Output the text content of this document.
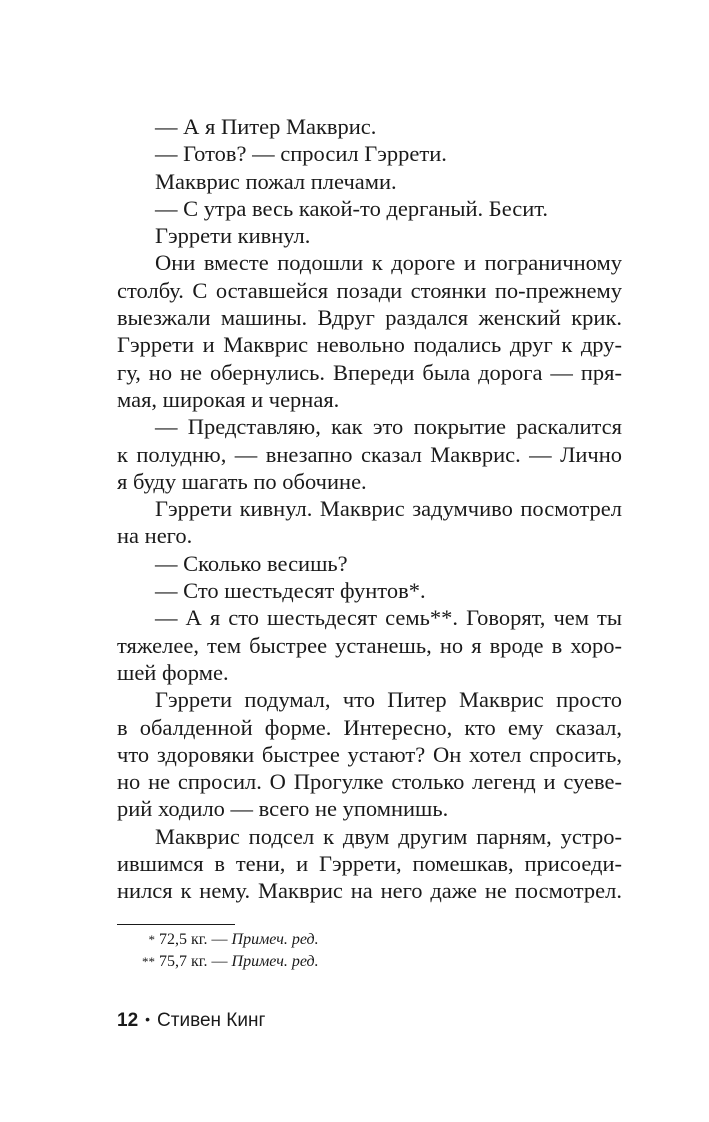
— А я Питер Макврис.
— Готов? — спросил Гэррети.
Макврис пожал плечами.
— С утра весь какой-то дерганый. Бесит.
Гэррети кивнул.
Они вместе подошли к дороге и пограничному
столбу. С оставшейся позади стоянки по-прежнему
выезжали машины. Вдруг раздался женский крик.
Гэррети и Макврис невольно подались друг к дру-
гу, но не обернулись. Впереди была дорога — пря-
мая, широкая и черная.
— Представляю, как это покрытие раскалится
к полудню, — внезапно сказал Макврис. — Лично
я буду шагать по обочине.
Гэррети кивнул. Макврис задумчиво посмотрел
на него.
— Сколько весишь?
— Сто шестьдесят фунтов*.
— А я сто шестьдесят семь**. Говорят, чем ты
тяжелее, тем быстрее устанешь, но я вроде в хоро-
шей форме.
Гэррети подумал, что Питер Макврис просто
в обалденной форме. Интересно, кто ему сказал,
что здоровяки быстрее устают? Он хотел спросить,
но не спросил. О Прогулке столько легенд и суеве-
рий ходило — всего не упомнишь.
Макврис подсел к двум другим парням, устро-
ившимся в тени, и Гэррети, помешкав, присоеди-
нился к нему. Макврис на него даже не посмотрел.
* 72,5 кг. — Примеч. ред.
** 75,7 кг. — Примеч. ред.
12 • Стивен Кинг
